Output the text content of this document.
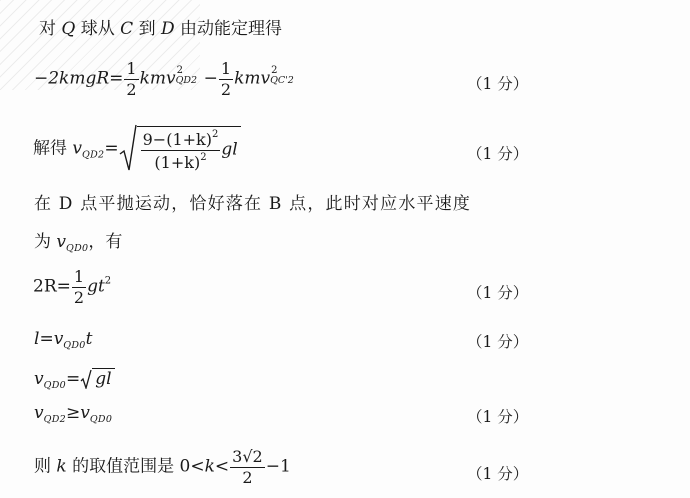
对 Q 球从 C 到 D 由动能定理得
−2kmgR= $\frac{1}{2}$ kmv 2
$QD2 - \frac{1}{2}$ kmv 2
QC'2	（1 分）
解得 $v_{QD2}= \frac{9-(1+k)^2}{(1+k)^2}$ gl	（1 分）
在 D 点平抛运动，恰好落在 B 点，此时对应水平速度
为 $v_{QD0}$，有
$2R= \frac{1}{2} gt^2$
（1 分）
$l=v_{QD0}t$	（1 分）
$v_{QD0}=$ gl
$v_{QD2}\ge v_{QD0}$	（1 分）
则 k 的取值范围是 $0<k< \frac{3√2}{2} -1$	（1 分）
